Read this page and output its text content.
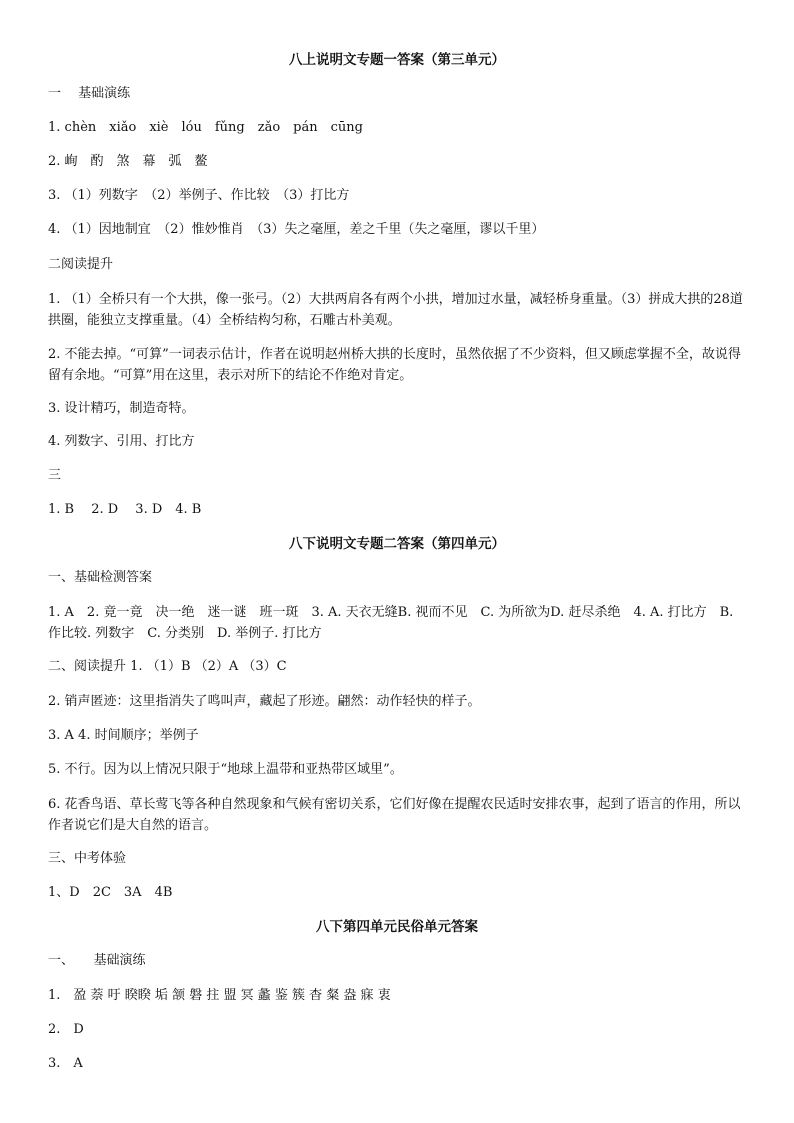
八上说明文专题一答案（第三单元）
一　 基础演练
1. chèn　xiǎo　xiè　lóu　fǔng　zǎo　pán　cūng
2. 峋　酌　煞　幕　弧　鳌
3. （1）列数字　（2）举例子、作比较　（3）打比方
4. （1）因地制宜　（2）惟妙惟肖　（3）失之毫厘，差之千里（失之毫厘，谬以千里）
二阅读提升
1. （1）全桥只有一个大拱，像一张弓。（2）大拱两肩各有两个小拱，增加过水量，减轻桥身重量。（3）拼成大拱的28道拱圈，能独立支撑重量。（4）全桥结构匀称，石雕古朴美观。
2. 不能去掉。“可算”一词表示估计，作者在说明赵州桥大拱的长度时，虽然依据了不少资料，但又顾虑掌握不全，故说得留有余地。“可算”用在这里，表示对所下的结论不作绝对肯定。
3. 设计精巧，制造奇特。
4. 列数字、引用、打比方
三
1. B　 2. D　 3. D　4. B
八下说明文专题二答案（第四单元）
一、基础检测答案
1. A　2. 竟一竟　决一绝　迷一谜　班一斑　3. A. 天衣无缝B. 视而不见　C. 为所欲为D. 赶尽杀绝　4. A. 打比方　B. 作比较. 列数字　C. 分类别　D. 举例子. 打比方
二、阅读提升 1. （1）B （2）A （3）C
2. 销声匿迹：这里指消失了鸣叫声，藏起了形迹。翩然：动作轻快的样子。
3. A 4. 时间顺序；举例子
5. 不行。因为以上情况只限于“地球上温带和亚热带区域里”。
6. 花香鸟语、草长莺飞等各种自然现象和气候有密切关系，它们好像在提醒农民适时安排农事，起到了语言的作用，所以作者说它们是大自然的语言。
三、中考体验
1、D　2C　3A　4B
八下第四单元民俗单元答案
一、　　基础演练
1.　盈 萘 吁 睽睽 垢 颔 磐 拄 盟 冥 蠡 鉴 簇 杳 粲 盎 寐 衷
2.　D
3.　A
